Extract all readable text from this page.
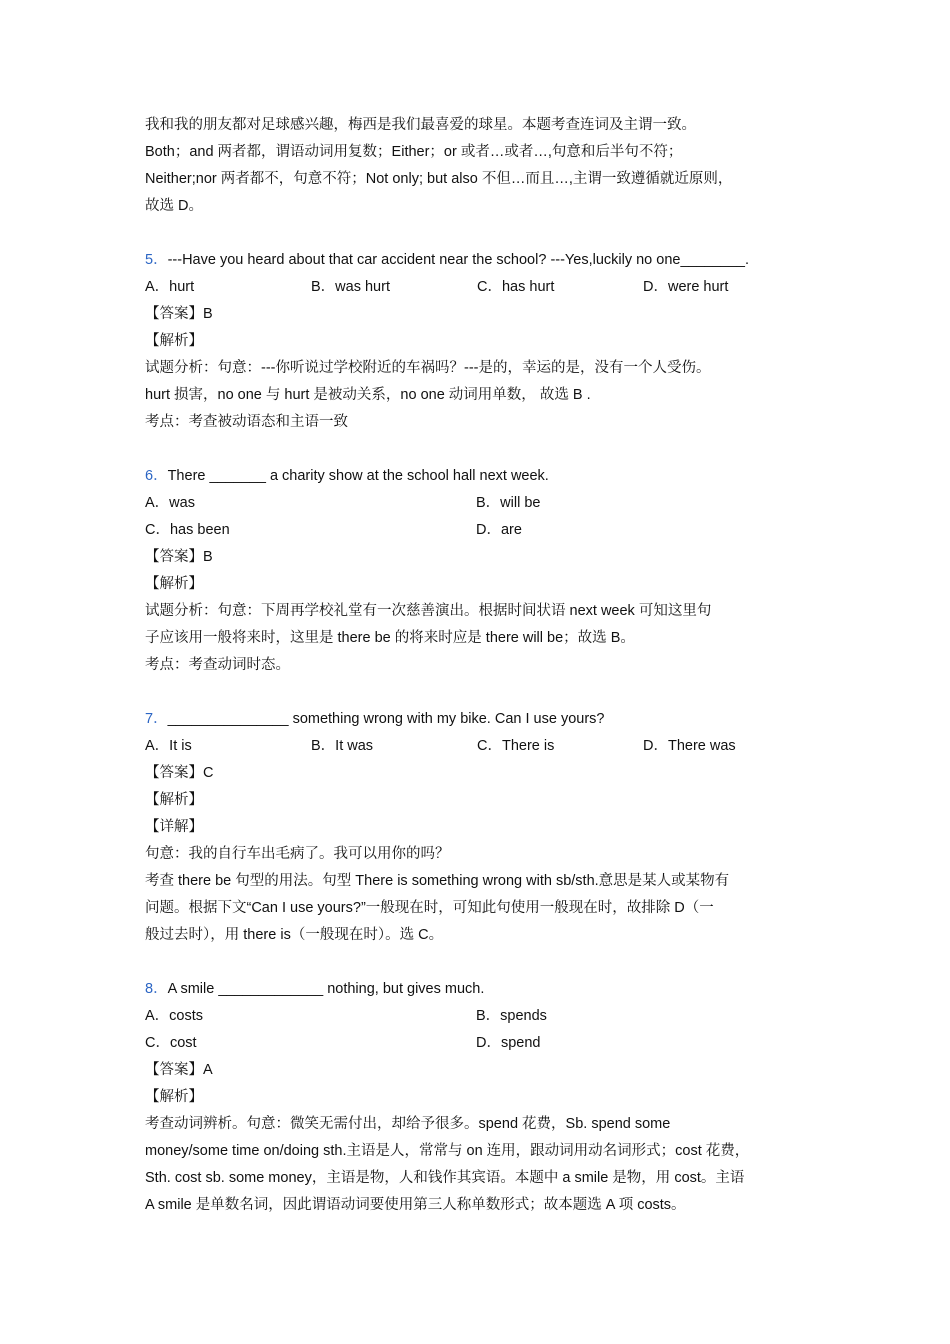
我和我的朋友都对足球感兴趣，梅西是我们最喜爱的球星。本题考查连词及主谓一致。
Both；and 两者都，谓语动词用复数；Either；or 或者…或者…,句意和后半句不符；
Neither;nor 两者都不，句意不符；Not only; but also 不但…而且…,主谓一致遵循就近原则，
故选 D。
5．---Have you heard about that car accident near the school? ---Yes,luckily no one________.
A．hurt	B．was hurt	C．has hurt	D．were hurt
【答案】B
【解析】
试题分析：句意：---你听说过学校附近的车祸吗？---是的，幸运的是，没有一个人受伤。
hurt 损害，no one 与 hurt 是被动关系，no one 动词用单数， 故选 B .
考点：考查被动语态和主语一致
6．There _______ a charity show at the school hall next week.
A．was	B．will be
C．has been	D．are
【答案】B
【解析】
试题分析：句意：下周再学校礼堂有一次慈善演出。根据时间状语 next week 可知这里句
子应该用一般将来时，这里是 there be 的将来时应是 there will be；故选 B。
考点：考查动词时态。
7．_______________ something wrong with my bike. Can I use yours?
A．It is	B．It was	C．There is	D．There was
【答案】C
【解析】
【详解】
句意：我的自行车出毛病了。我可以用你的吗？
考查 there be 句型的用法。句型 There is something wrong with sb/sth.意思是某人或某物有
问题。根据下文“Can I use yours?”一般现在时，可知此句使用一般现在时，故排除 D（一
般过去时），用 there is（一般现在时）。选 C。
8．A smile _____________ nothing, but gives much.
A．costs	B．spends
C．cost	D．spend
【答案】A
【解析】
考查动词辨析。句意：微笑无需付出，却给予很多。spend 花费，Sb. spend some
money/some time on/doing sth.主语是人，常常与 on 连用，跟动词用动名词形式；cost 花费，
Sth. cost sb. some money，主语是物，人和钱作其宾语。本题中 a smile 是物，用 cost。主语
A smile 是单数名词，因此谓语动词要使用第三人称单数形式；故本题选 A 项 costs。
